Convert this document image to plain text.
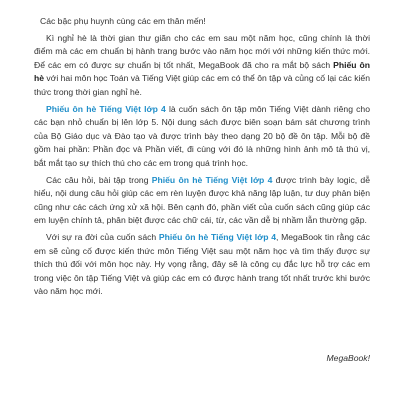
Các bậc phụ huynh cùng các em thân mến!

Kì nghỉ hè là thời gian thư giãn cho các em sau một năm học, cũng chính là thời điểm mà các em chuẩn bị hành trang bước vào năm học mới với những kiến thức mới. Để các em có được sự chuẩn bị tốt nhất, MegaBook đã cho ra mắt bộ sách Phiếu ôn hè với hai môn học Toán và Tiếng Việt giúp các em có thể ôn tập và củng cố lại các kiến thức trong thời gian nghỉ hè.

Phiếu ôn hè Tiếng Việt lớp 4 là cuốn sách ôn tập môn Tiếng Việt dành riêng cho các bạn nhỏ chuẩn bị lên lớp 5. Nội dung sách được biên soạn bám sát chương trình của Bộ Giáo dục và Đào tạo và được trình bày theo dạng 20 bộ đề ôn tập. Mỗi bộ đề gồm hai phần: Phần đọc và Phần viết, đi cùng với đó là những hình ảnh mô tả thú vị, bắt mắt tạo sự thích thú cho các em trong quá trình học.

Các câu hỏi, bài tập trong Phiếu ôn hè Tiếng Việt lớp 4 được trình bày logic, dễ hiểu, nội dung câu hỏi giúp các em rèn luyện được khả năng lập luận, tư duy phản biện cũng như các cách ứng xử xã hội. Bên cạnh đó, phần viết của cuốn sách cũng giúp các em luyện chính tả, phân biệt được các chữ cái, từ, các vần dễ bị nhầm lẫn thường gặp.

Với sự ra đời của cuốn sách Phiếu ôn hè Tiếng Việt lớp 4, MegaBook tin rằng các em sẽ củng cố được kiến thức môn Tiếng Việt sau một năm học và tìm thấy được sự thích thú đối với môn học này. Hy vọng rằng, đây sẽ là công cụ đắc lực hỗ trợ các em trong việc ôn tập Tiếng Việt và giúp các em có được hành trang tốt nhất trước khi bước vào năm học mới.

MegaBook!
